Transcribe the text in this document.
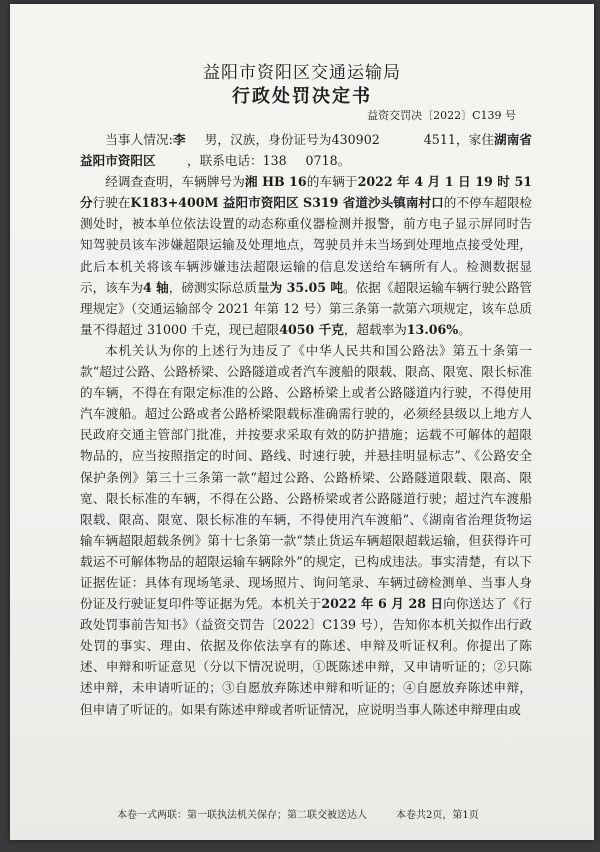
益阳市资阳区交通运输局
行政处罚决定书
益资交罚决〔2022〕C139 号

当事人情况:李   男，汉族，身份证号为430902    	4511，家住湖南省益阳市资阳区    ，联系电话：138   0718。

经调查查明，车辆牌号为湘 HB 16的车辆于2022 年 4 月 1 日 19 时 51 分行驶在K183+400M 益阳市资阳区 S319 省道沙头镇南村口的不停车超限检测处时，被本单位依法设置的动态称重仪器检测并报警，前方电子显示屏同时告知驾驶员该车涉嫌超限运输及处理地点，驾驶员并未当场到处理地点接受处理，此后本机关将该车辆涉嫌违法超限运输的信息发送给车辆所有人。检测数据显示，该车为4 轴，磅测实际总质量为 35.05 吨。依据《超限运输车辆行驶公路管理规定》（交通运输部令 2021 年第 12 号）第三条第一款第六项规定，该车总质量不得超过 31000 千克，现已超限4050 千克，超载率为13.06%。

本机关认为你的上述行为违反了《中华人民共和国公路法》第五十条第一款“超过公路、公路桥梁、公路隧道或者汽车渡船的限载、限高、限宽、限长标准的车辆，不得在有限定标准的公路、公路桥梁上或者公路隧道内行驶，不得使用汽车渡船。超过公路或者公路桥梁限载标准确需行驶的，必须经县级以上地方人民政府交通主管部门批准，并按要求采取有效的防护措施；运载不可解体的超限物品的，应当按照指定的时间、路线、时速行驶，并悬挂明显标志”、《公路安全保护条例》第三十三条第一款“超过公路、公路桥梁、公路隧道限载、限高、限宽、限长标准的车辆，不得在公路、公路桥梁或者公路隧道行驶；超过汽车渡船限载、限高、限宽、限长标准的车辆，不得使用汽车渡船”、《湖南省治理货物运输车辆超限超载条例》第十七条第一款“禁止货运车辆超限超载运输，但获得许可载运不可解体物品的超限运输车辆除外”的规定，已构成违法。事实清楚，有以下证据佐证：具体有现场笔录、现场照片、询问笔录、车辆过磅检测单、当事人身份证及行驶证复印件等证据为凭。本机关于2022 年 6 月 28 日向你送达了《行政处罚事前告知书》（益资交罚告〔2022〕C139 号），告知你本机关拟作出行政处罚的事实、理由、依据及你依法享有的陈述、申辩及听证权利。你提出了陈述、申辩和听证意见（分以下情况说明，①既陈述申辩，又申请听证的；②只陈述申辩，未申请听证的；③自愿放弃陈述申辩和听证的；④自愿放弃陈述申辩，但申请了听证的。如果有陈述申辩或者听证情况，应说明当事人陈述申辩理由或

本卷一式两联：第一联执法机关保存；第二联交被送达人	本卷共2页，第1页
